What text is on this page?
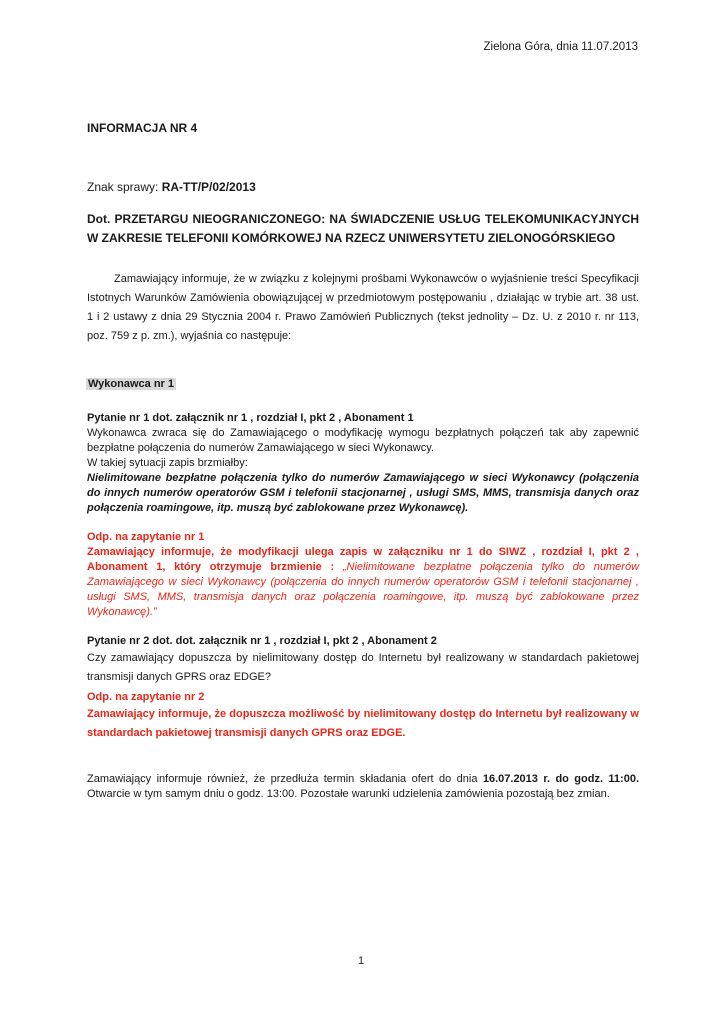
Zielona Góra, dnia 11.07.2013
INFORMACJA NR 4
Znak sprawy: RA-TT/P/02/2013
Dot. PRZETARGU NIEOGRANICZONEGO: NA ŚWIADCZENIE USŁUG TELEKOMUNIKACYJNYCH W ZAKRESIE TELEFONII KOMÓRKOWEJ NA RZECZ UNIWERSYTETU ZIELONOGÓRSKIEGO
Zamawiający informuje, że w związku z kolejnymi prośbami Wykonawców o wyjaśnienie treści Specyfikacji Istotnych Warunków Zamówienia obowiązującej w przedmiotowym postępowaniu , działając w trybie art. 38 ust. 1 i 2 ustawy z dnia 29 Stycznia 2004 r. Prawo Zamówień Publicznych (tekst jednolity – Dz. U. z 2010 r. nr 113, poz. 759 z p. zm.), wyjaśnia co następuje:
Wykonawca nr 1
Pytanie nr 1 dot. załącznik nr 1 , rozdział I, pkt 2 , Abonament 1
Wykonawca zwraca się do Zamawiającego o modyfikację wymogu bezpłatnych połączeń tak aby zapewnić bezpłatne połączenia do numerów Zamawiającego w sieci Wykonawcy.
W takiej sytuacji zapis brzmiałby:
Nielimitowane bezpłatne połączenia tylko do numerów Zamawiającego w sieci Wykonawcy (połączenia do innych numerów operatorów GSM i telefonii stacjonarnej , usługi SMS, MMS, transmisja danych oraz połączenia roamingowe, itp. muszą być zablokowane przez Wykonawcę).
Odp. na zapytanie nr 1
Zamawiający informuje, że modyfikacji ulega zapis w załączniku nr 1 do SIWZ , rozdział I, pkt 2 , Abonament 1, który otrzymuje brzmienie : „Nielimitowane bezpłatne połączenia tylko do numerów Zamawiającego w sieci Wykonawcy (połączenia do innych numerów operatorów GSM i telefonii stacjonarnej , usługi SMS, MMS, transmisja danych oraz połączenia roamingowe, itp. muszą być zablokowane przez Wykonawcę).”
Pytanie nr 2 dot. dot. załącznik nr 1 , rozdział I, pkt 2 , Abonament 2
Czy zamawiający dopuszcza by nielimitowany dostęp do Internetu był realizowany w standardach pakietowej transmisji danych GPRS oraz EDGE?
Odp. na zapytanie nr 2
Zamawiający informuje, że dopuszcza możliwość by nielimitowany dostęp do Internetu był realizowany w standardach pakietowej transmisji danych GPRS oraz EDGE.
Zamawiający informuje również, że przedłuża termin składania ofert do dnia 16.07.2013 r. do godz. 11:00. Otwarcie w tym samym dniu o godz. 13:00. Pozostałe warunki udzielenia zamówienia pozostają bez zmian.
1
